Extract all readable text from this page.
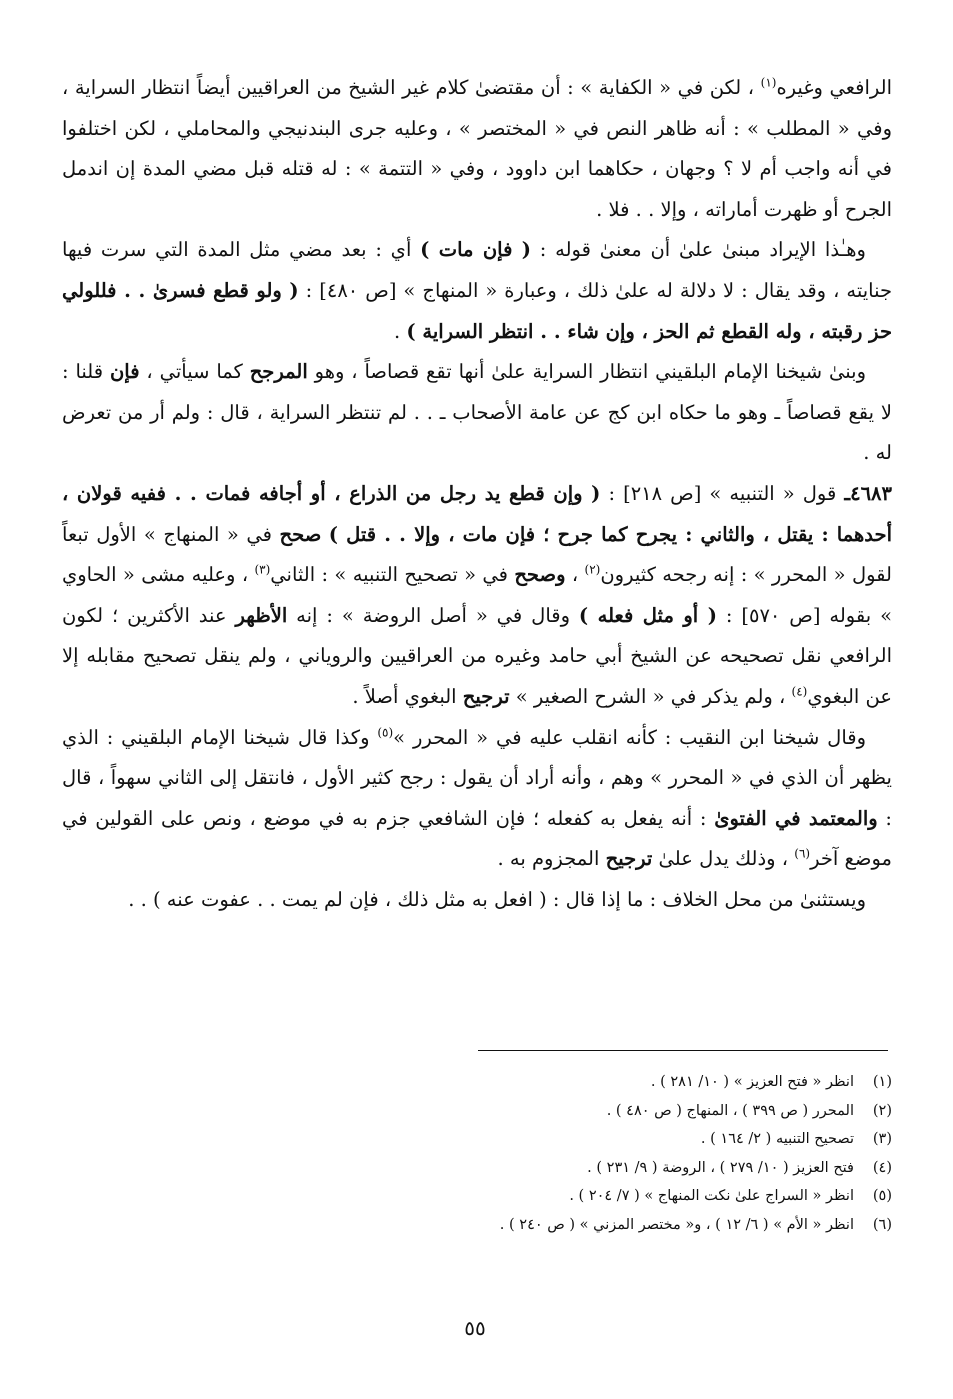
الرافعي وغيره$^{(١)}$ ، لكن في « الكفاية » : أن مقتضىٰ كلام غير الشيخ من العراقيين أيضاً انتظار السراية ، وفي « المطلب » : أنه ظاهر النص في « المختصر » ، وعليه جرى البندنيجي والمحاملي ، لكن اختلفوا في أنه واجب أم لا ؟ وجهان ، حكاهما ابن داوود ، وفي « التتمة » : له قتله قبل مضي المدة إن اندمل الجرح أو ظهرت أماراته ، وإلا . . فلا .

وهـٰذا الإيراد مبنىٰ علىٰ أن معنىٰ قوله : ( فإن مات ) أي : بعد مضي مثل المدة التي سرت فيها جنايته ، وقد يقال : لا دلالة له علىٰ ذلك ، وعبارة « المنهاج » [ص ٤٨٠] : ( ولو قطع فسرىٰ . . فللولي حز رقبته ، وله القطع ثم الحز ، وإن شاء . . انتظر السراية ) .

وبنىٰ شيخنا الإمام البلقيني انتظار السراية علىٰ أنها تقع قصاصاً ، وهو المرجح كما سيأتي ، فإن قلنا : لا يقع قصاصاً ـ وهو ما حكاه ابن كج عن عامة الأصحاب ـ . . لم تنتظر السراية ، قال : ولم أر من تعرض له .

٤٦٨٣ـ قول « التنبيه » [ص ٢١٨] : ( وإن قطع يد رجل من الذراع ، أو أجافه فمات . . ففيه قولان ، أحدهما : يقتل ، والثاني : يجرح كما جرح ؛ فإن مات ، وإلا . . قتل ) صحح في « المنهاج » الأول تبعاً لقول « المحرر » : إنه رجحه كثيرون$^{(٢)}$ ، وصحح في « تصحيح التنبيه » : الثاني$^{(٣)}$ ، وعليه مشى « الحاوي » بقوله [ص ٥٧٠] : ( أو مثل فعله ) وقال في « أصل الروضة » : إنه الأظهر عند الأكثرين ؛ لكون الرافعي نقل تصحيحه عن الشيخ أبي حامد وغيره من العراقيين والروياني ، ولم ينقل تصحيح مقابله إلا عن البغوي$^{(٤)}$ ، ولم يذكر في « الشرح الصغير » ترجيح البغوي أصلاً .

وقال شيخنا ابن النقيب : كأنه انقلب عليه في « المحرر »$^{(٥)}$ وكذا قال شيخنا الإمام البلقيني : الذي يظهر أن الذي في « المحرر » وهم ، وأنه أراد أن يقول : رجح كثير الأول ، فانتقل إلى الثاني سهواً ، قال : والمعتمد في الفتوىٰ : أنه يفعل به كفعله ؛ فإن الشافعي جزم به في موضع ، ونص على القولين في موضع آخر$^{(٦)}$ ، وذلك يدل علىٰ ترجيح المجزوم به .

ويستثنىٰ من محل الخلاف : ما إذا قال : ( افعل به مثل ذلك ، فإن لم يمت . . عفوت عنه ) . .

(١)
انظر « فتح العزيز » ( ١٠/ ٢٨١ ) .
(٢)
المحرر ( ص ٣٩٩ ) ، المنهاج ( ص ٤٨٠ ) .
(٣)
تصحيح التنبيه ( ٢/ ١٦٤ ) .
(٤)
فتح العزيز ( ١٠/ ٢٧٩ ) ، الروضة ( ٩/ ٢٣١ ) .
(٥)
انظر « السراج علىٰ نكت المنهاج » ( ٧/ ٢٠٤ ) .
(٦)
انظر « الأم » ( ٦/ ١٢ ) ، و« مختصر المزني » ( ص ٢٤٠ ) .
٥٥
